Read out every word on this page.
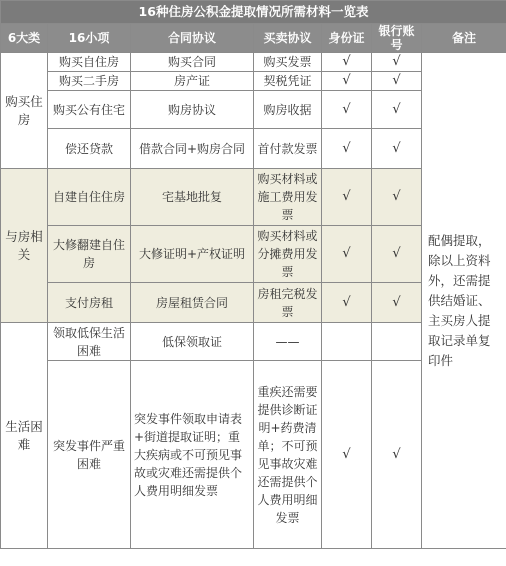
16种住房公积金提取情况所需材料一览表							
6大类	16小项	合同协议	买卖协议	身份证	银行账号	备注	
购买住房	购买自住房	购买合同	购买发票	√	√	配偶提取，除以上资料外，还需提供结婚证、主买房人提取记录单复印件	
	购买二手房	房产证	契税凭证	√	√		
	购买公有住宅	购房协议	购房收据	√	√		
	偿还贷款	借款合同+购房合同	首付款发票	√	√		
与房相关	自建自住住房	宅基地批复	购买材料或施工费用发票	√	√		
	大修翻建自住房	大修证明+产权证明	购买材料或分摊费用发票	√	√		
	支付房租	房屋租赁合同	房租完税发票	√	√		
生活困难	领取低保生活困难	低保领取证	——				
	突发事件严重困难	突发事件领取申请表+街道提取证明；重大疾病或不可预见事故或灾难还需提供个人费用明细发票	重疾还需要提供诊断证明+药费清单；不可预见事故灾难还需提供个人费用明细发票	√	√		
